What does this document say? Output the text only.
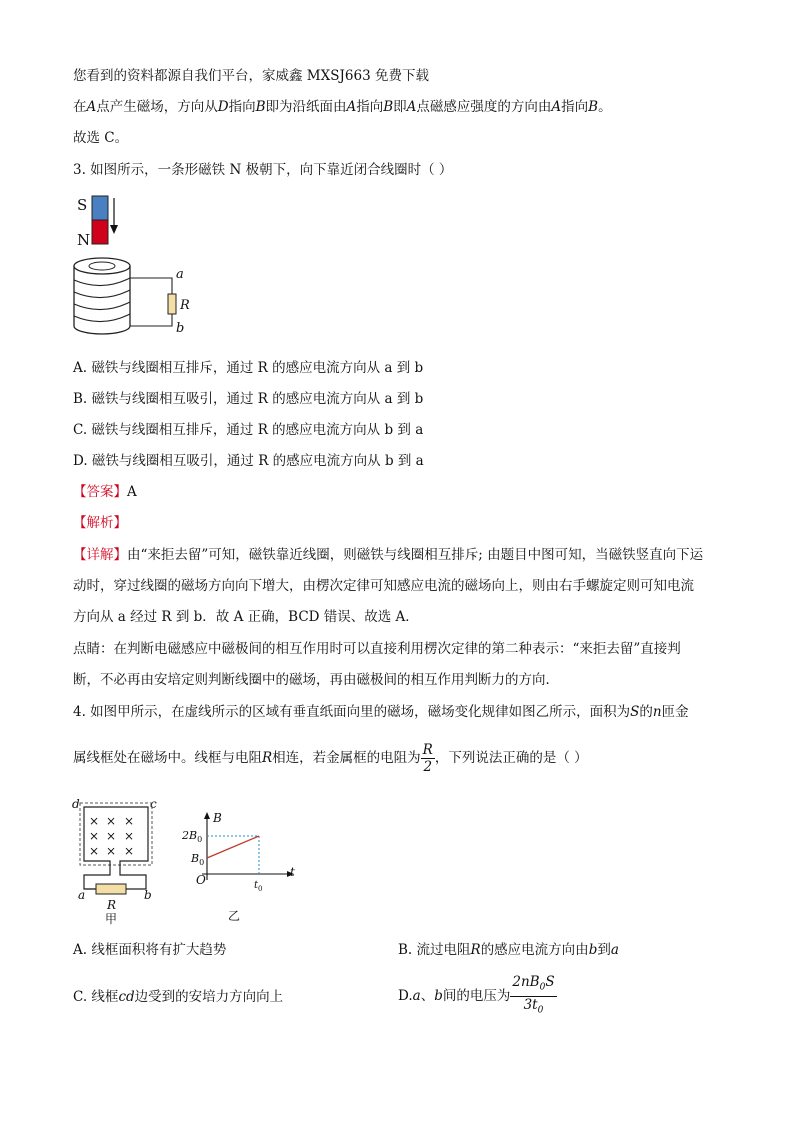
您看到的资料都源自我们平台，家威鑫 MXSJ663 免费下载
在A点产生磁场，方向从D指向B即为沿纸面由A指向B即A点磁感应强度的方向由A指向B。
故选 C。
3. 如图所示，一条形磁铁 N 极朝下，向下靠近闭合线圈时（ ）
S
N
a
R
b
A. 磁铁与线圈相互排斥，通过 R 的感应电流方向从 a 到 b
B. 磁铁与线圈相互吸引，通过 R 的感应电流方向从 a 到 b
C. 磁铁与线圈相互排斥，通过 R 的感应电流方向从 b 到 a
D. 磁铁与线圈相互吸引，通过 R 的感应电流方向从 b 到 a
【答案】A
【解析】
【详解】由“来拒去留”可知，磁铁靠近线圈，则磁铁与线圈相互排斥; 由题目中图可知，当磁铁竖直向下运
动时，穿过线圈的磁场方向向下增大，由楞次定律可知感应电流的磁场向上，则由右手螺旋定则可知电流
方向从 a 经过 R 到 b．故 A 正确，BCD 错误、故选 A．
点睛：在判断电磁感应中磁极间的相互作用时可以直接利用楞次定律的第二种表示：“来拒去留”直接判
断，不必再由安培定则判断线圈中的磁场，再由磁极间的相互作用判断力的方向．
4. 如图甲所示，在虚线所示的区域有垂直纸面向里的磁场，磁场变化规律如图乙所示，面积为S的n匝金
属线框处在磁场中。线框与电阻R相连，若金属框的电阻为 $\frac{R}{2}$ ，下列说法正确的是（ ）
d	c
× × ×
× × ×
× × ×
a	b
R
甲
B
t
O
$2B_0$
$B_0$
$t_0$
乙
A. 线框面积将有扩大趋势	B. 流过电阻R的感应电流方向由b到a
C. 线框cd边受到的安培力方向向上	D.a、b间的电压为 $\frac{2nB_0S}{3t_0}$
